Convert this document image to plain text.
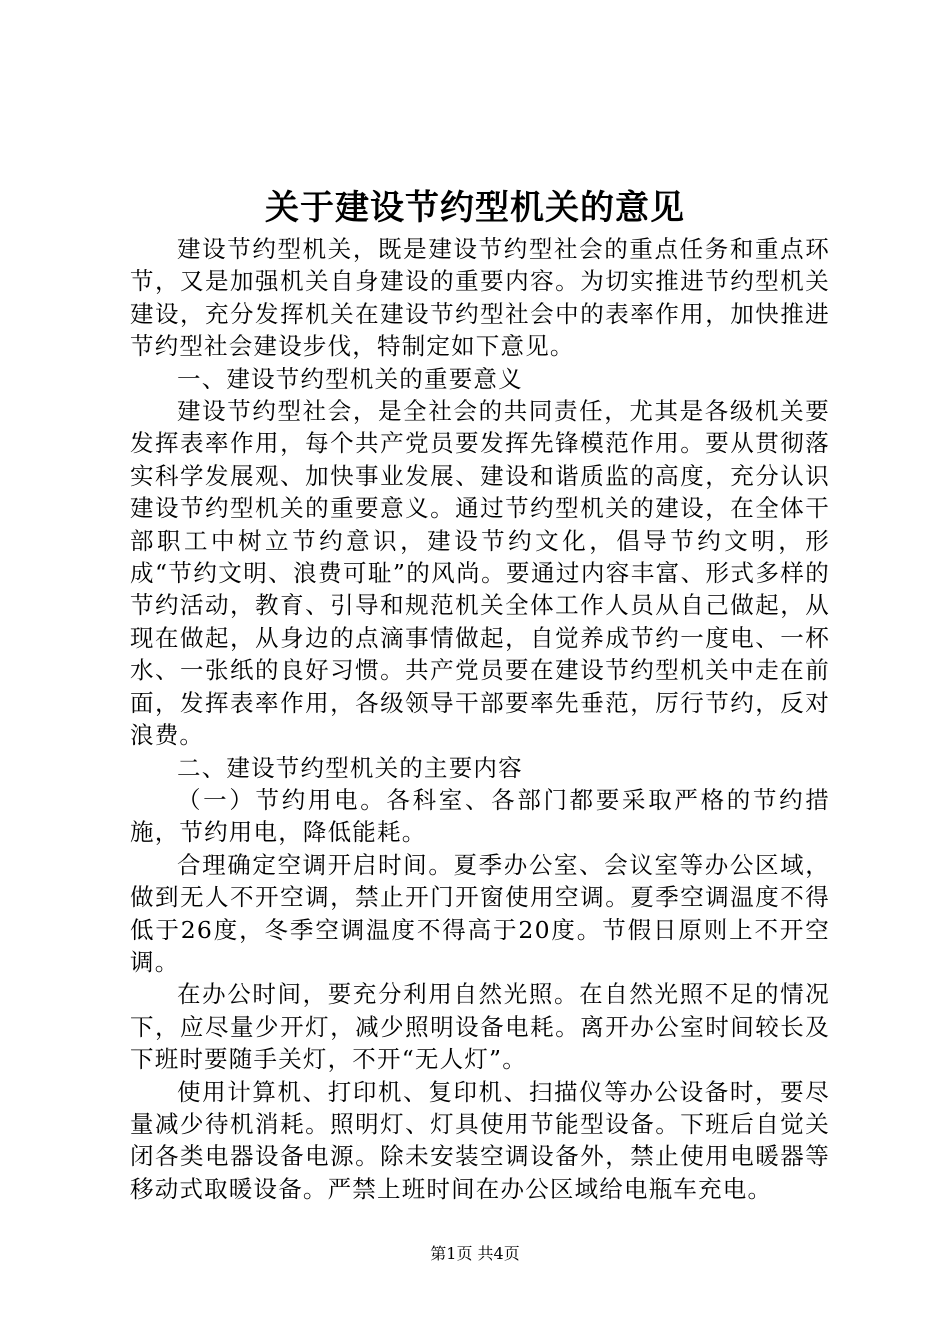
关于建设节约型机关的意见

建设节约型机关，既是建设节约型社会的重点任务和重点环节，又是加强机关自身建设的重要内容。为切实推进节约型机关建设，充分发挥机关在建设节约型社会中的表率作用，加快推进节约型社会建设步伐，特制定如下意见。

一、建设节约型机关的重要意义

建设节约型社会，是全社会的共同责任，尤其是各级机关要发挥表率作用，每个共产党员要发挥先锋模范作用。要从贯彻落实科学发展观、加快事业发展、建设和谐质监的高度，充分认识建设节约型机关的重要意义。通过节约型机关的建设，在全体干部职工中树立节约意识，建设节约文化，倡导节约文明，形成“节约文明、浪费可耻”的风尚。要通过内容丰富、形式多样的节约活动，教育、引导和规范机关全体工作人员从自己做起，从现在做起，从身边的点滴事情做起，自觉养成节约一度电、一杯水、一张纸的良好习惯。共产党员要在建设节约型机关中走在前面，发挥表率作用，各级领导干部要率先垂范，厉行节约，反对浪费。

二、建设节约型机关的主要内容

（一）节约用电。各科室、各部门都要采取严格的节约措施，节约用电，降低能耗。

合理确定空调开启时间。夏季办公室、会议室等办公区域，做到无人不开空调，禁止开门开窗使用空调。夏季空调温度不得低于26度，冬季空调温度不得高于20度。节假日原则上不开空调。

在办公时间，要充分利用自然光照。在自然光照不足的情况下，应尽量少开灯，减少照明设备电耗。离开办公室时间较长及下班时要随手关灯，不开“无人灯”。

使用计算机、打印机、复印机、扫描仪等办公设备时，要尽量减少待机消耗。照明灯、灯具使用节能型设备。下班后自觉关闭各类电器设备电源。除未安装空调设备外，禁止使用电暖器等移动式取暖设备。严禁上班时间在办公区域给电瓶车充电。

第1页 共4页
